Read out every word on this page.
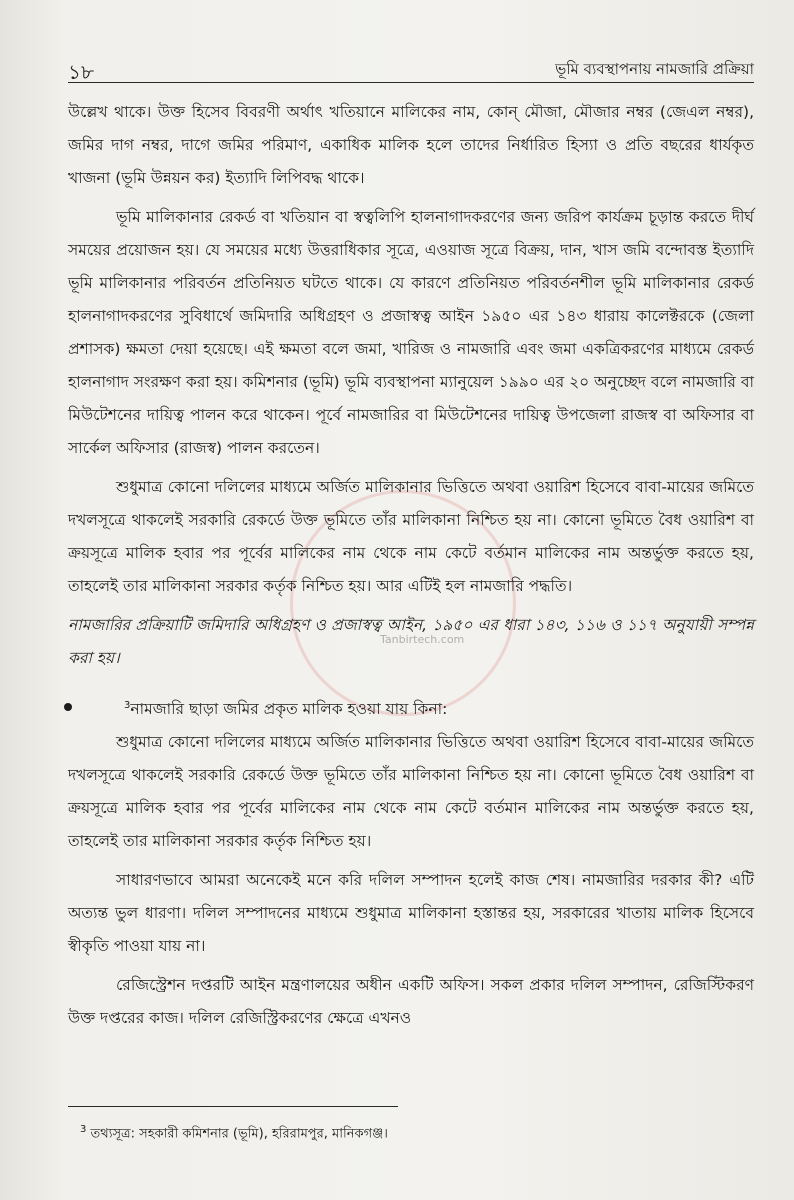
১৮	ভূমি ব্যবস্থাপনায় নামজারি প্রক্রিয়া
Tanbirtech.com

উল্লেখ থাকে। উক্ত হিসেব বিবরণী অর্থাৎ খতিয়ানে মালিকের নাম, কোন্ মৌজা, মৌজার নম্বর (জেএল নম্বর), জমির দাগ নম্বর, দাগে জমির পরিমাণ, একাধিক মালিক হলে তাদের নির্ধারিত হিস্যা ও প্রতি বছরের ধার্যকৃত খাজনা (ভূমি উন্নয়ন কর) ইত্যাদি লিপিবদ্ধ থাকে।

ভূমি মালিকানার রেকর্ড বা খতিয়ান বা স্বত্বলিপি হালনাগাদকরণের জন্য জরিপ কার্যক্রম চূড়ান্ত করতে দীর্ঘ সময়ের প্রয়োজন হয়। যে সময়ের মধ্যে উত্তরাধিকার সূত্রে, এওয়াজ সূত্রে বিক্রয়, দান, খাস জমি বন্দোবস্ত ইত্যাদি ভূমি মালিকানার পরিবর্তন প্রতিনিয়ত ঘটতে থাকে। যে কারণে প্রতিনিয়ত পরিবর্তনশীল ভূমি মালিকানার রেকর্ড হালনাগাদকরণের সুবিধার্থে জমিদারি অধিগ্রহণ ও প্রজাস্বত্ব আইন ১৯৫০ এর ১৪৩ ধারায় কালেক্টরকে (জেলা প্রশাসক) ক্ষমতা দেয়া হয়েছে। এই ক্ষমতা বলে জমা, খারিজ ও নামজারি এবং জমা একত্রিকরণের মাধ্যমে রেকর্ড হালনাগাদ সংরক্ষণ করা হয়। কমিশনার (ভূমি) ভূমি ব্যবস্থাপনা ম্যানুয়েল ১৯৯০ এর ২০ অনুচ্ছেদ বলে নামজারি বা মিউটেশনের দায়িত্ব পালন করে থাকেন। পূর্বে নামজারির বা মিউটেশনের দায়িত্ব উপজেলা রাজস্ব বা অফিসার বা সার্কেল অফিসার (রাজস্ব) পালন করতেন।

শুধুমাত্র কোনো দলিলের মাধ্যমে অর্জিত মালিকানার ভিত্তিতে অথবা ওয়ারিশ হিসেবে বাবা-মায়ের জমিতে দখলসূত্রে থাকলেই সরকারি রেকর্ডে উক্ত ভূমিতে তাঁর মালিকানা নিশ্চিত হয় না। কোনো ভূমিতে বৈধ ওয়ারিশ বা ক্রয়সূত্রে মালিক হবার পর পূর্বের মালিকের নাম থেকে নাম কেটে বর্তমান মালিকের নাম অন্তর্ভুক্ত করতে হয়, তাহলেই তার মালিকানা সরকার কর্তৃক নিশ্চিত হয়। আর এটিই হল নামজারি পদ্ধতি।

নামজারির প্রক্রিয়াটি জমিদারি অধিগ্রহণ ও প্রজাস্বত্ব আইন, ১৯৫০ এর ধারা ১৪৩, ১১৬ ও ১১৭ অনুযায়ী সম্পন্ন করা হয়।

$^3$নামজারি ছাড়া জমির প্রকৃত মালিক হওয়া যায় কিনা:

শুধুমাত্র কোনো দলিলের মাধ্যমে অর্জিত মালিকানার ভিত্তিতে অথবা ওয়ারিশ হিসেবে বাবা-মায়ের জমিতে দখলসূত্রে থাকলেই সরকারি রেকর্ডে উক্ত ভূমিতে তাঁর মালিকানা নিশ্চিত হয় না। কোনো ভূমিতে বৈধ ওয়ারিশ বা ক্রয়সূত্রে মালিক হবার পর পূর্বের মালিকের নাম থেকে নাম কেটে বর্তমান মালিকের নাম অন্তর্ভুক্ত করতে হয়, তাহলেই তার মালিকানা সরকার কর্তৃক নিশ্চিত হয়।

সাধারণভাবে আমরা অনেকেই মনে করি দলিল সম্পাদন হলেই কাজ শেষ। নামজারির দরকার কী? এটি অত্যন্ত ভুল ধারণা। দলিল সম্পাদনের মাধ্যমে শুধুমাত্র মালিকানা হস্তান্তর হয়, সরকারের খাতায় মালিক হিসেবে স্বীকৃতি পাওয়া যায় না।

রেজিস্ট্রেশন দপ্তরটি আইন মন্ত্রণালয়ের অধীন একটি অফিস। সকল প্রকার দলিল সম্পাদন, রেজিস্টিকরণ উক্ত দপ্তরের কাজ। দলিল রেজিস্ট্রিকরণের ক্ষেত্রে এখনও

$^3$ তথ্যসূত্র: সহকারী কমিশনার (ভূমি), হরিরামপুর, মানিকগঞ্জ।
